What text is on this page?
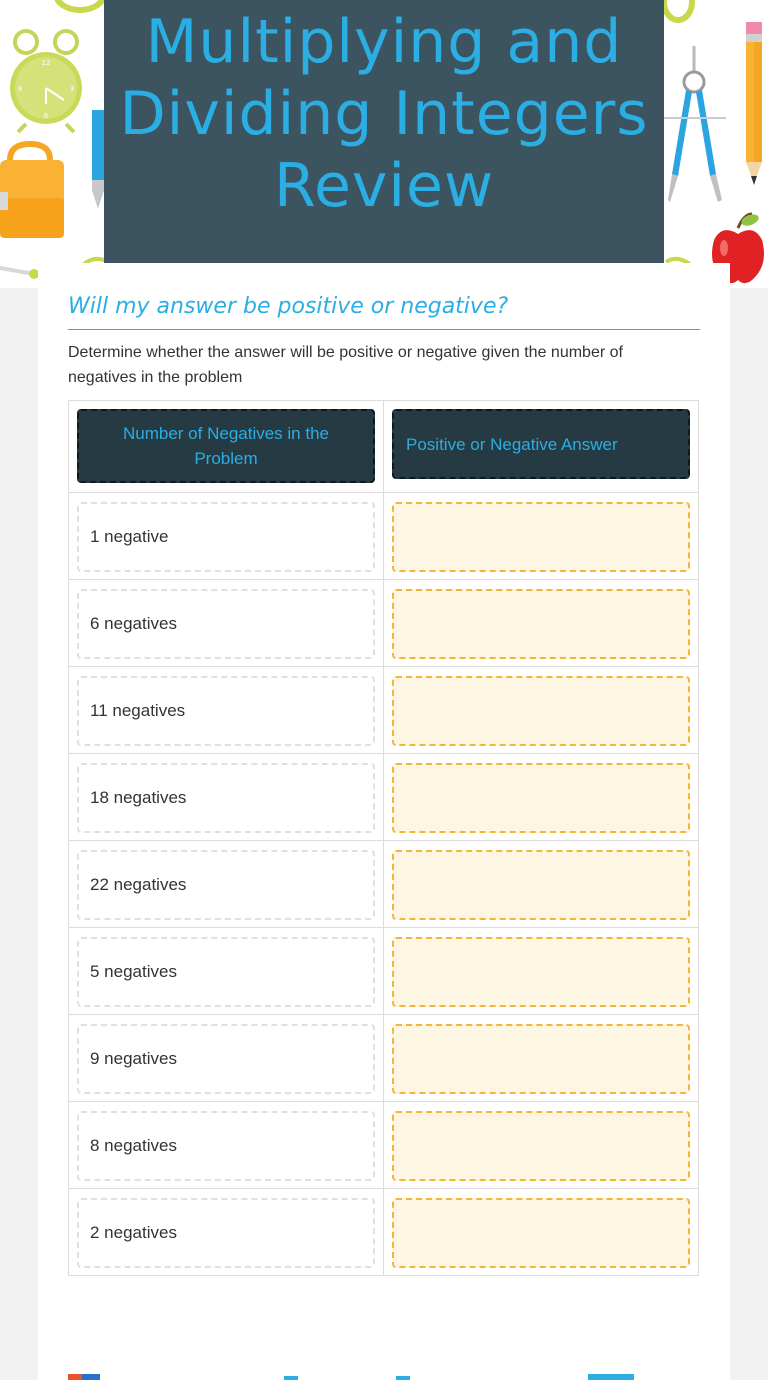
12
3
6
9
Multiplying and Dividing Integers Review
Will my answer be positive or negative?
Determine whether the answer will be positive or negative given the number of negatives in the problem
Number of Negatives in the Problem
Positive or Negative Answer
1 negative
6 negatives
11 negatives
18 negatives
22 negatives
5 negatives
9 negatives
8 negatives
2 negatives
